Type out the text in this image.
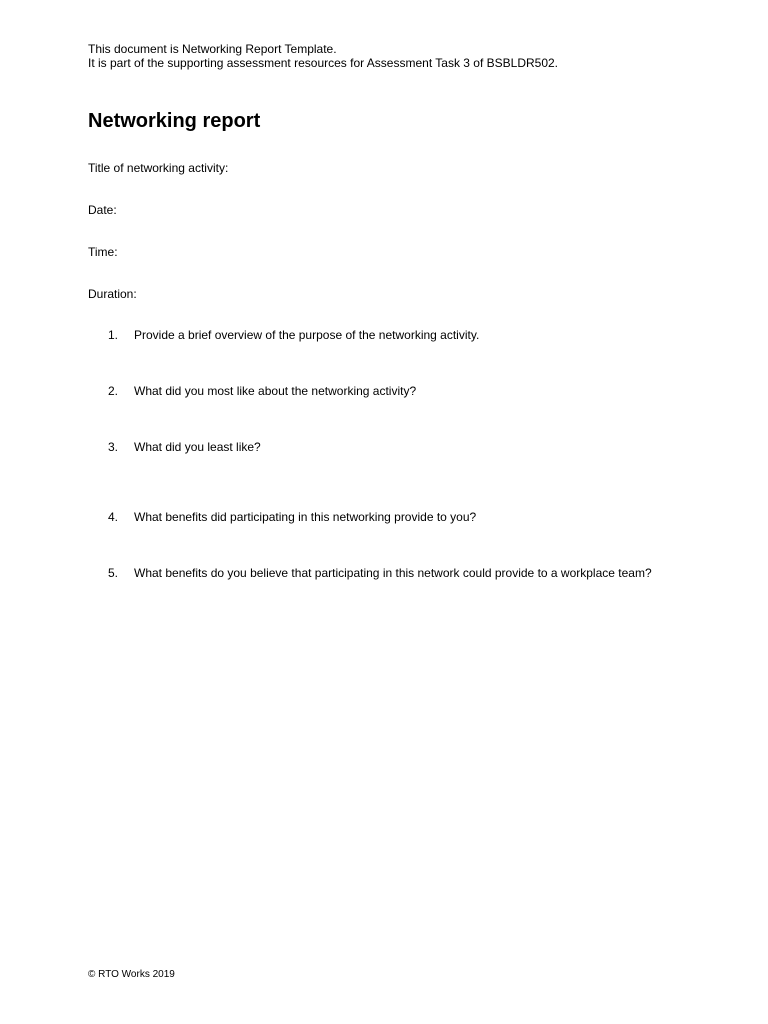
This document is Networking Report Template.
It is part of the supporting assessment resources for Assessment Task 3 of BSBLDR502.
Networking report
Title of networking activity:
Date:
Time:
Duration:
1.	Provide a brief overview of the purpose of the networking activity.
2.	What did you most like about the networking activity?
3.	What did you least like?
4.	What benefits did participating in this networking provide to you?
5.	What benefits do you believe that participating in this network could provide to a workplace team?
© RTO Works 2019
